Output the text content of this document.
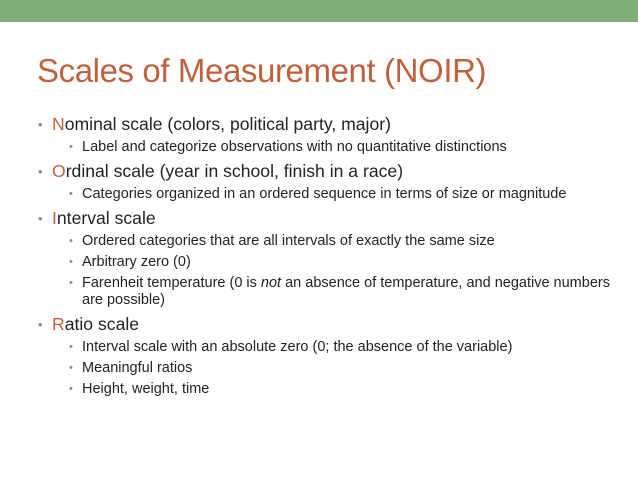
Scales of Measurement (NOIR)
• Nominal scale (colors, political party, major)
• Label and categorize observations with no quantitative distinctions
• Ordinal scale (year in school, finish in a race)
• Categories organized in an ordered sequence in terms of size or magnitude
• Interval scale
• Ordered categories that are all intervals of exactly the same size
• Arbitrary zero (0)
• Farenheit temperature (0 is not an absence of temperature, and negative numbers are possible)
• Ratio scale
• Interval scale with an absolute zero (0; the absence of the variable)
• Meaningful ratios
• Height, weight, time
